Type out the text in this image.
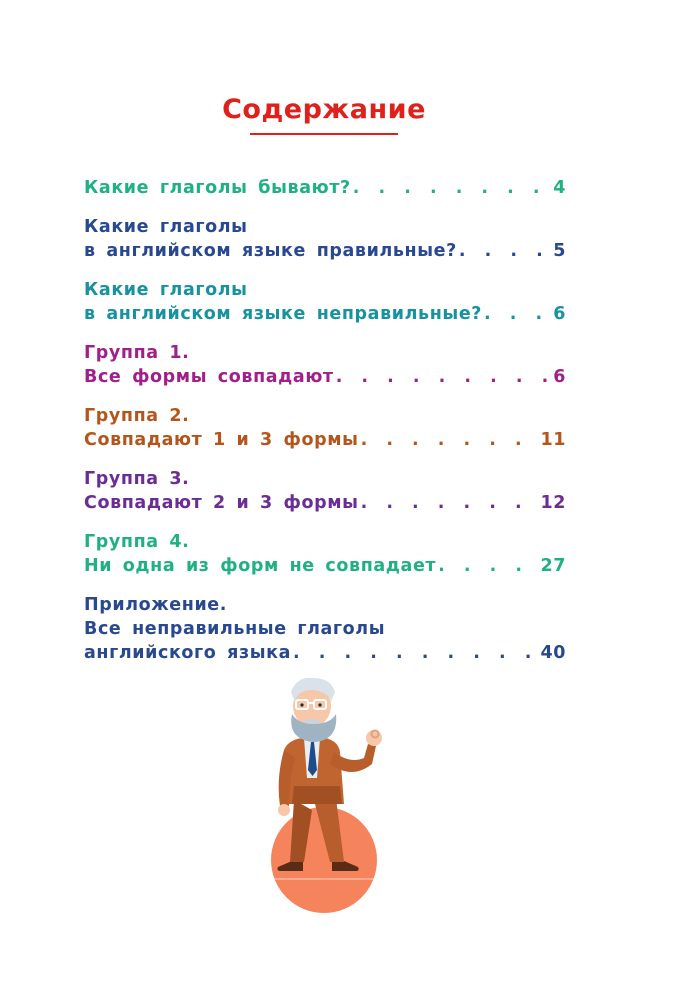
Содержание
Какие глаголы бывают? . . .	4
Какие глаголы
в английском языке правильные? . . .	5
Какие глаголы
в английском языке неправильные? . . .	6
Группа 1.
Все формы совпадают . . .	6
Группа 2.
Совпадают 1 и 3 формы . . .	11
Группа 3.
Совпадают 2 и 3 формы . . .	12
Группа 4.
Ни одна из форм не совпадает . . .	27
Приложение.
Все неправильные глаголы
английского языка . . .	40
